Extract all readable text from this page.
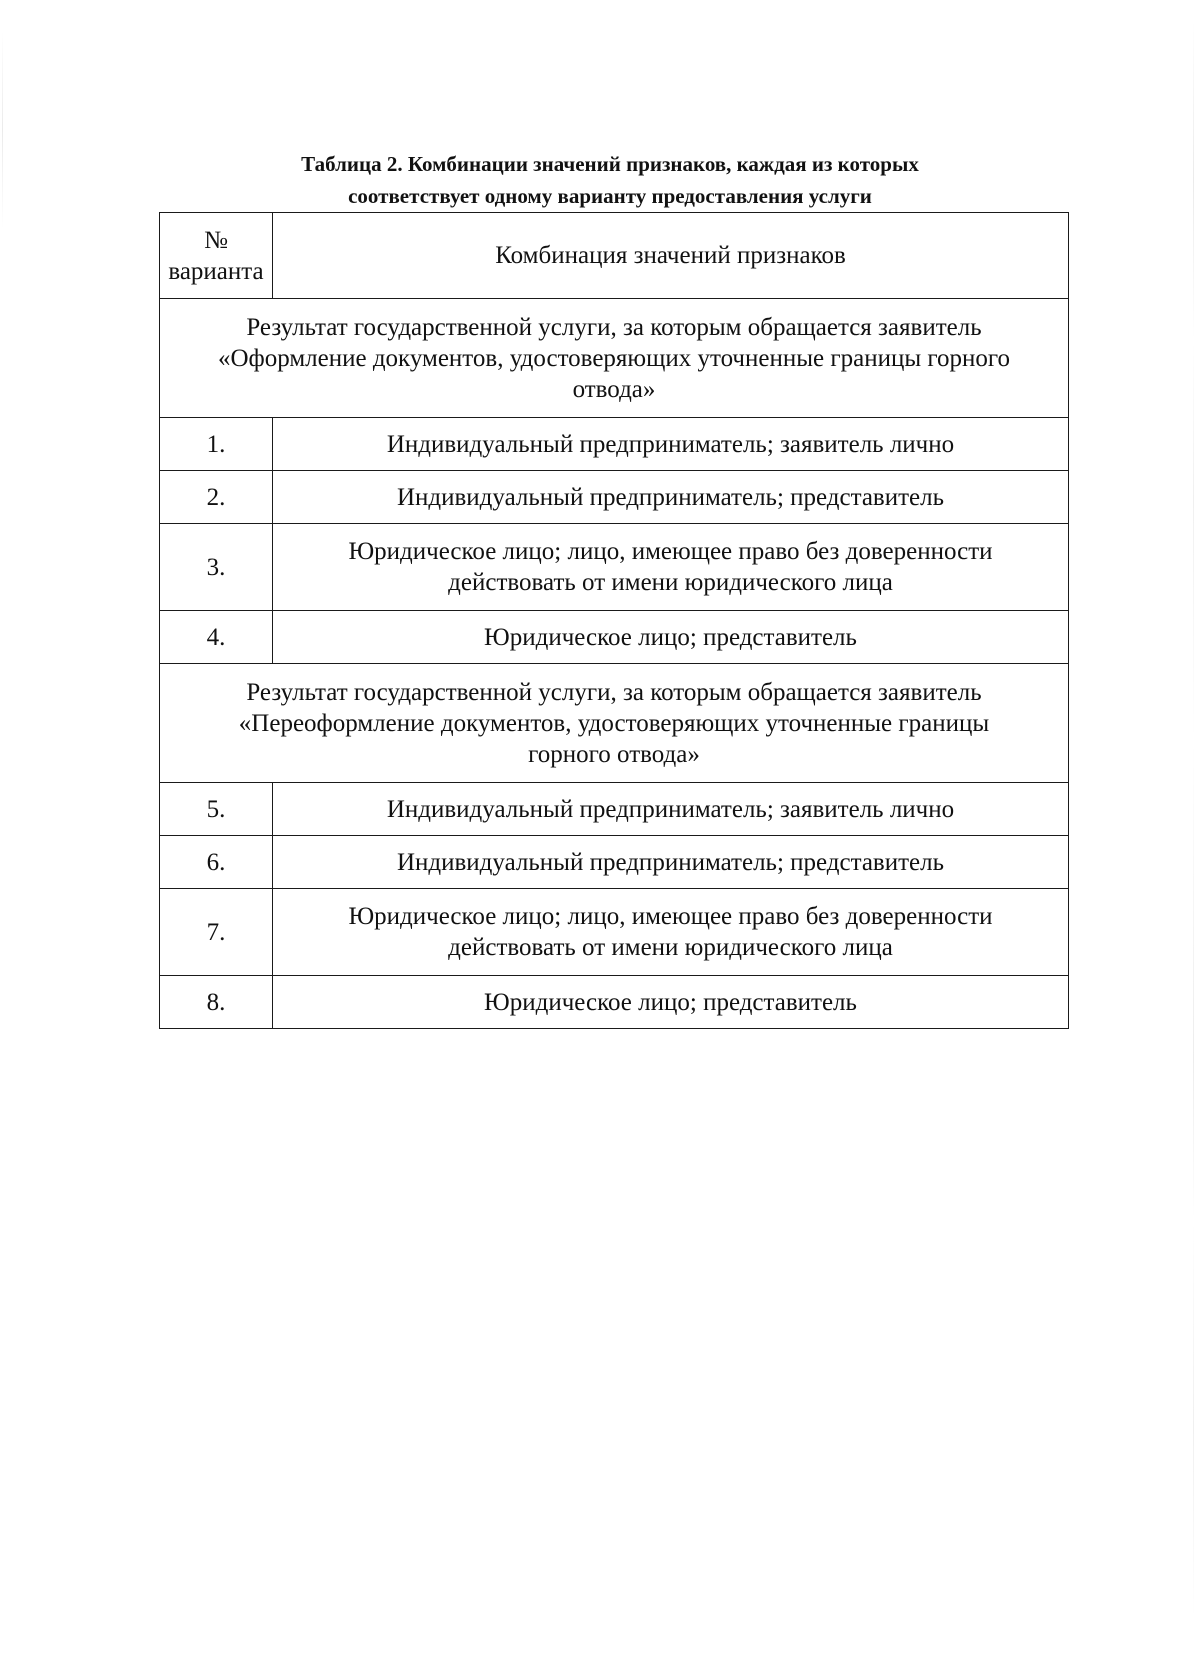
Таблица 2. Комбинации значений признаков, каждая из которых
соответствует одному варианту предоставления услуги
№
варианта	Комбинация значений признаков

Результат государственной услуги, за которым обращается заявитель
«Оформление документов, удостоверяющих уточненные границы горного
отвода»	

1.	Индивидуальный предприниматель; заявитель лично
2.	Индивидуальный предприниматель; представитель
3.	Юридическое лицо; лицо, имеющее право без доверенности
действовать от имени юридического лица

4.	Юридическое лицо; представитель

Результат государственной услуги, за которым обращается заявитель
«Переоформление документов, удостоверяющих уточненные границы
горного отвода»	

5.	Индивидуальный предприниматель; заявитель лично
6.	Индивидуальный предприниматель; представитель
7.	Юридическое лицо; лицо, имеющее право без доверенности
действовать от имени юридического лица

8.	Юридическое лицо; представитель
